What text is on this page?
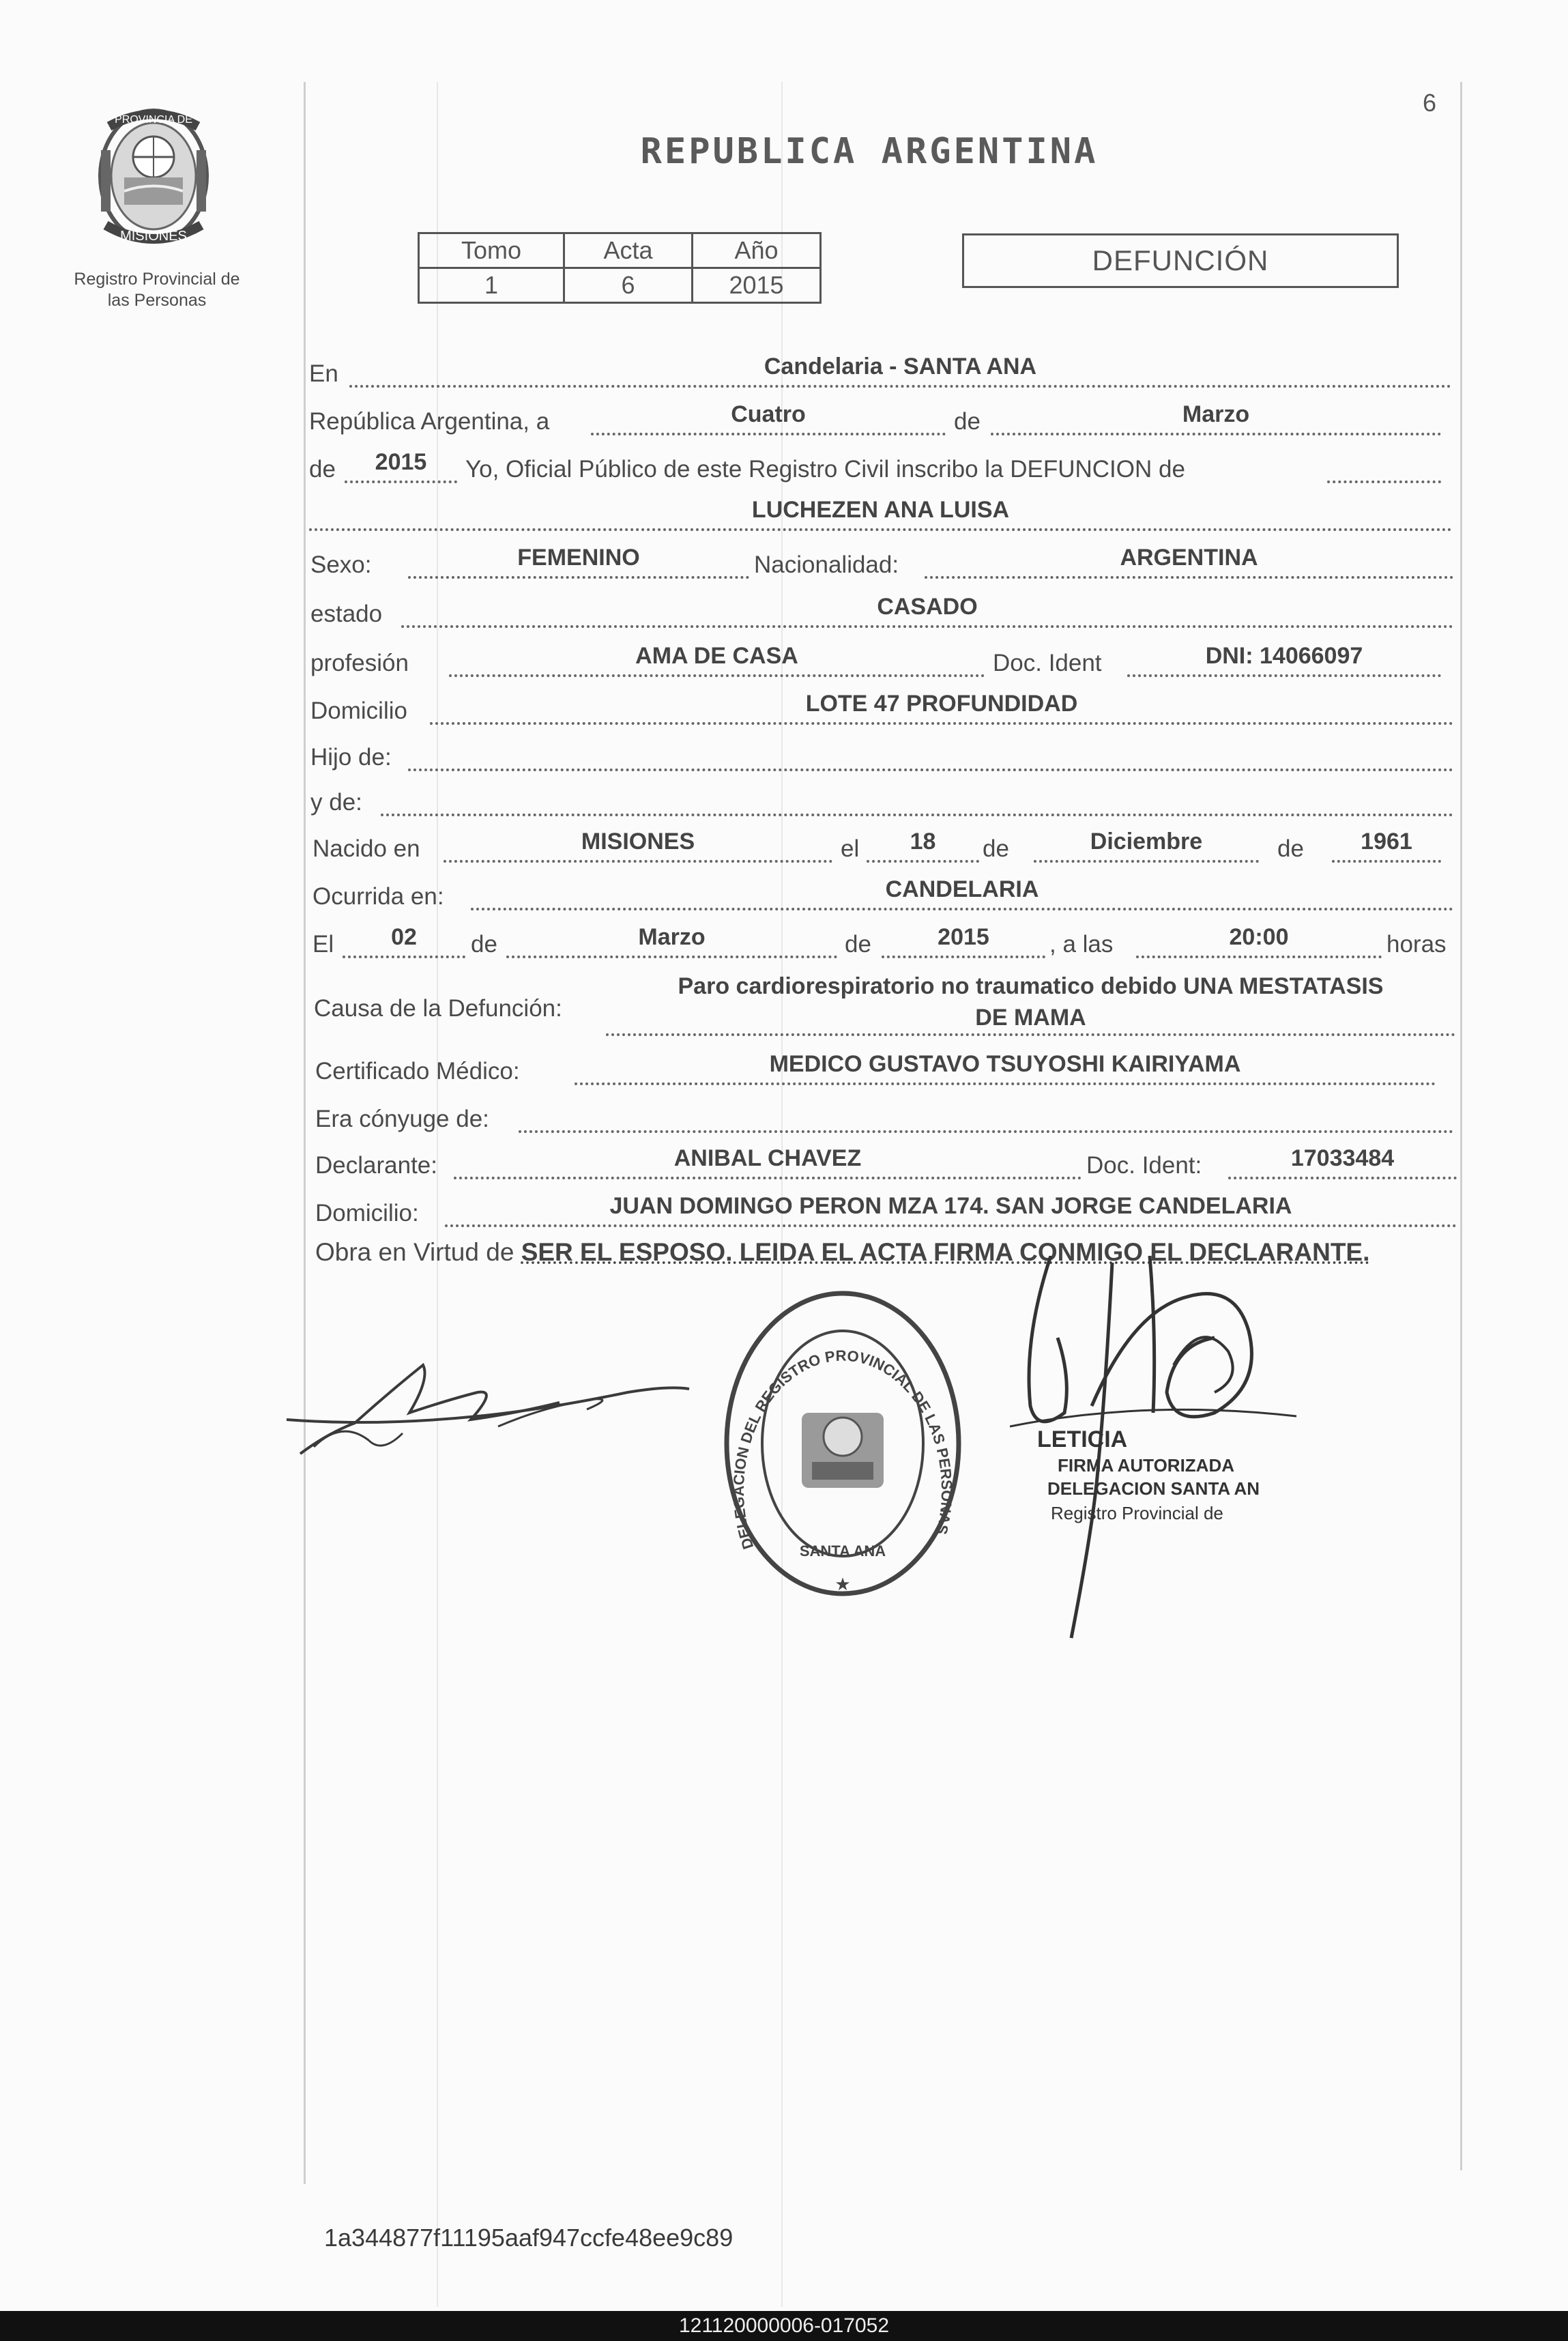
PROVINCIA DE
MISIONES
Registro Provincial de
las Personas
6
REPUBLICA ARGENTINA
Tomo	Acta	Año
1	6	2015
DEFUNCIÓN
En	Candelaria - SANTA ANA
República Argentina, a	Cuatro	de	Marzo
de	2015	Yo, Oficial Público de este Registro Civil inscribo la DEFUNCION de
LUCHEZEN ANA LUISA
Sexo:	FEMENINO	Nacionalidad:	ARGENTINA
estado	CASADO
profesión	AMA DE CASA	Doc. Ident	DNI: 14066097
Domicilio	LOTE 47 PROFUNDIDAD
Hijo de:
y de:
Nacido en	MISIONES	el	18	de	Diciembre	de	1961
Ocurrida en:	CANDELARIA
El	02	de	Marzo	de	2015	, a las	20:00	horas
Causa de la Defunción:
Paro cardiorespiratorio no traumatico debido UNA MESTATASIS
DE MAMA
Certificado Médico:	MEDICO GUSTAVO TSUYOSHI KAIRIYAMA
Era cónyuge de:
Declarante:	ANIBAL CHAVEZ	Doc. Ident:	17033484
Domicilio:	JUAN DOMINGO PERON MZA 174. SAN JORGE CANDELARIA
Obra en Virtud de SER EL ESPOSO. LEIDA EL ACTA FIRMA CONMIGO EL DECLARANTE.
DELEGACION DEL REGISTRO PROVINCIAL DE LAS PERSONAS
SANTA ANA
★
LETICIA
FIRMA AUTORIZADA
DELEGACION SANTA AN
Registro Provincial de
1a344877f11195aaf947ccfe48ee9c89
121120000006-017052
